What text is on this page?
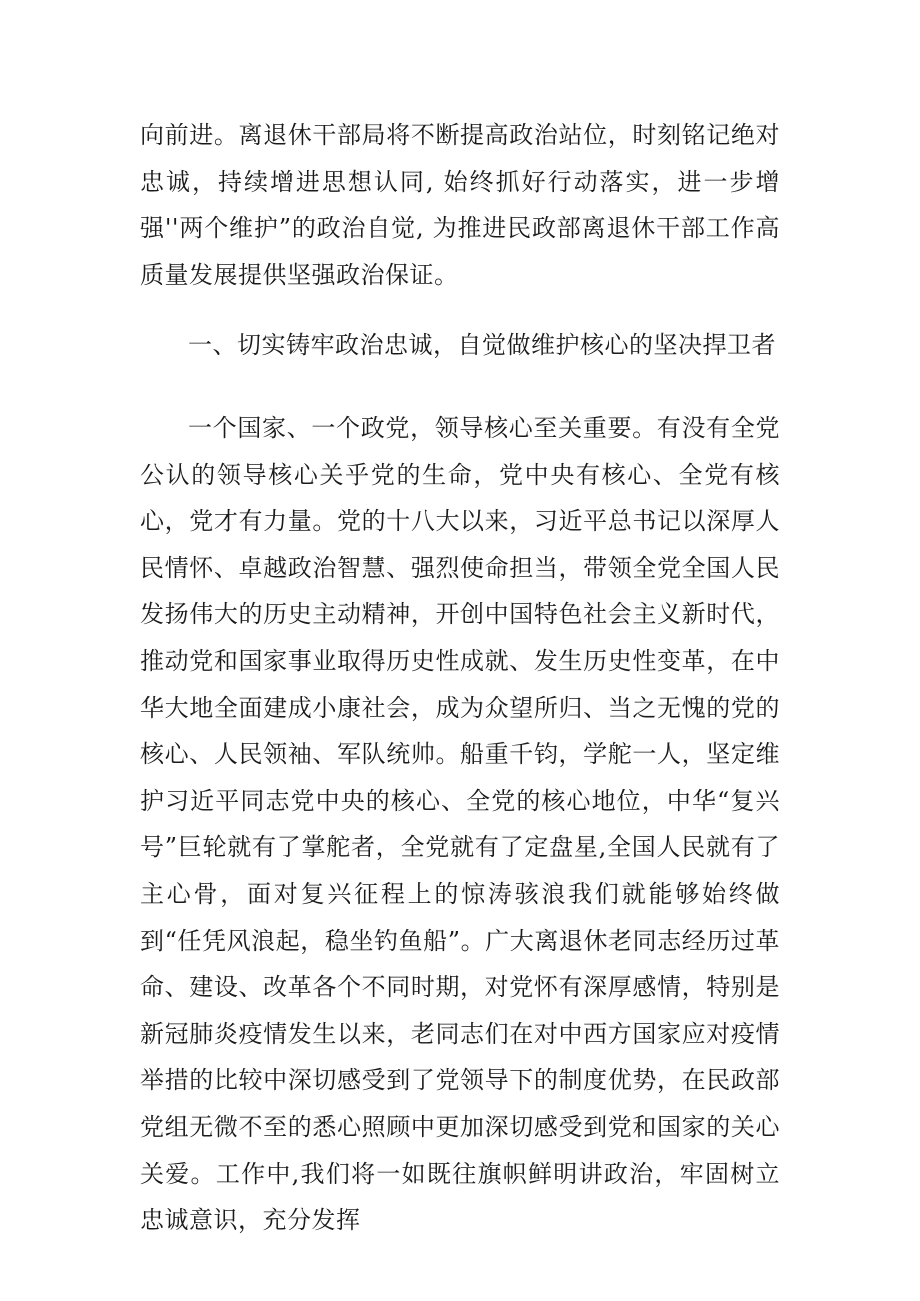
向前进。离退休干部局将不断提高政治站位，时刻铭记绝对忠诚，持续增进思想认同, 始终抓好行动落实，进一步增强''两个维护”的政治自觉, 为推进民政部离退休干部工作高质量发展提供坚强政治保证。

一、切实铸牢政治忠诚，自觉做维护核心的坚决捍卫者

一个国家、一个政党，领导核心至关重要。有没有全党公认的领导核心关乎党的生命，党中央有核心、全党有核心，党才有力量。党的十八大以来，习近平总书记以深厚人民情怀、卓越政治智慧、强烈使命担当，带领全党全国人民发扬伟大的历史主动精神，开创中国特色社会主义新时代，推动党和国家事业取得历史性成就、发生历史性变革，在中华大地全面建成小康社会，成为众望所归、当之无愧的党的核心、人民领袖、军队统帅。船重千钧，学舵一人，坚定维护习近平同志党中央的核心、全党的核心地位，中华“复兴号”巨轮就有了掌舵者，全党就有了定盘星,全国人民就有了主心骨，面对复兴征程上的惊涛骇浪我们就能够始终做到“任凭风浪起，稳坐钓鱼船”。广大离退休老同志经历过革命、建设、改革各个不同时期，对党怀有深厚感情，特别是新冠肺炎疫情发生以来，老同志们在对中西方国家应对疫情举措的比较中深切感受到了党领导下的制度优势，在民政部党组无微不至的悉心照顾中更加深切感受到党和国家的关心关爱。工作中,我们将一如既往旗帜鲜明讲政治，牢固树立忠诚意识，充分发挥
